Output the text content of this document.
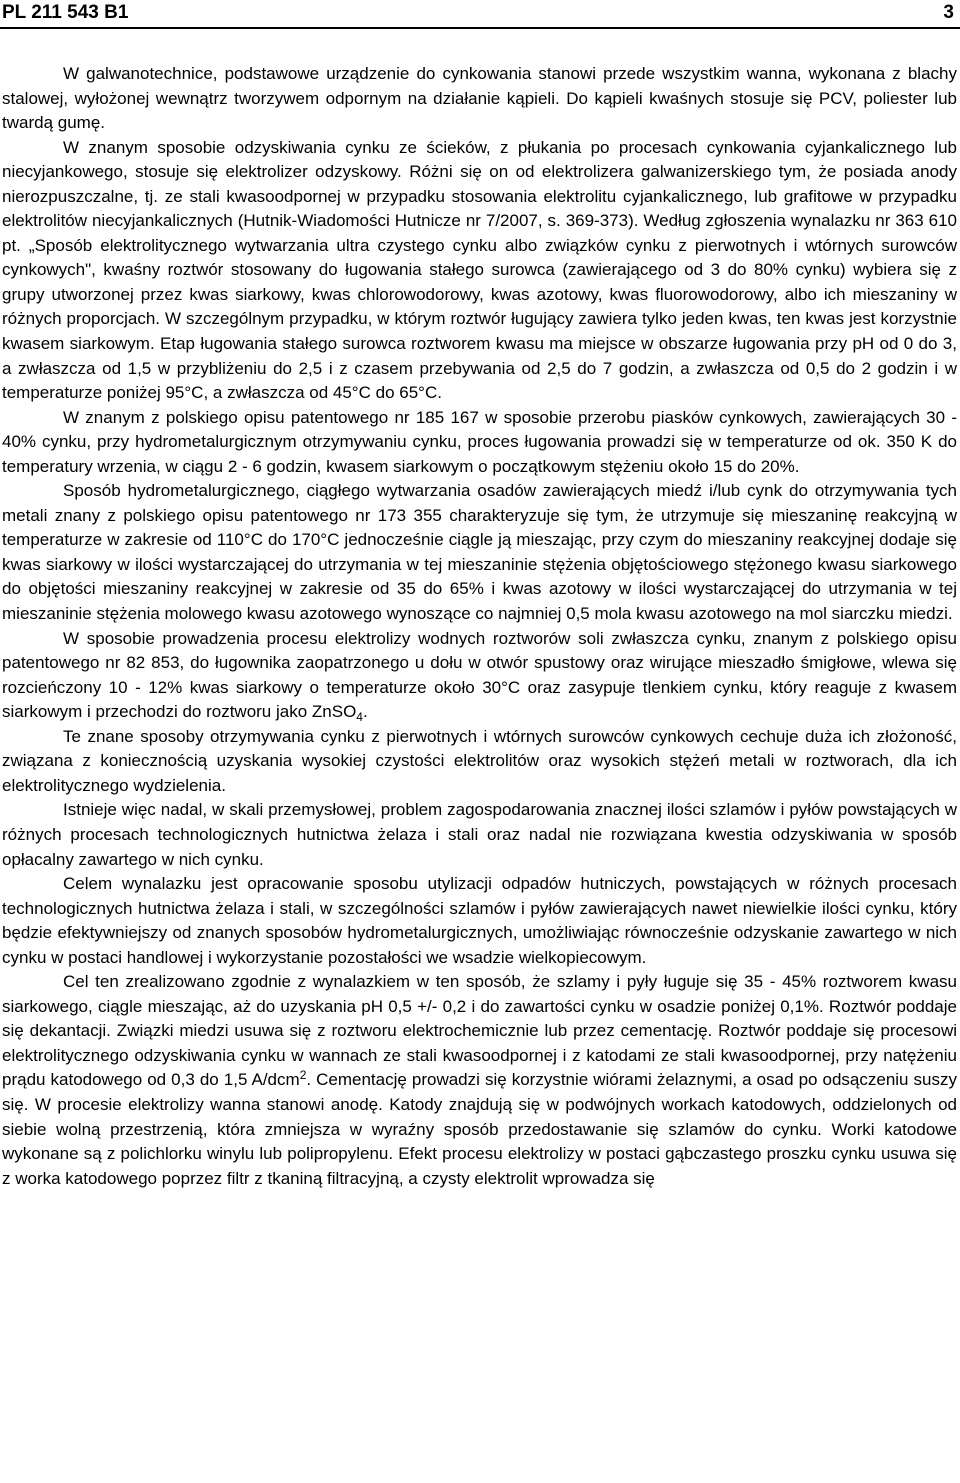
PL 211 543 B1	3

W galwanotechnice, podstawowe urządzenie do cynkowania stanowi przede wszystkim wanna, wykonana z blachy stalowej, wyłożonej wewnątrz tworzywem odpornym na działanie kąpieli. Do kąpieli kwaśnych stosuje się PCV, poliester lub twardą gumę.

W znanym sposobie odzyskiwania cynku ze ścieków, z płukania po procesach cynkowania cyjankalicznego lub niecyjankowego, stosuje się elektrolizer odzyskowy. Różni się on od elektrolizera galwanizerskiego tym, że posiada anody nierozpuszczalne, tj. ze stali kwasoodpornej w przypadku stosowania elektrolitu cyjankalicznego, lub grafitowe w przypadku elektrolitów niecyjankalicznych (Hutnik-Wiadomości Hutnicze nr 7/2007, s. 369-373). Według zgłoszenia wynalazku nr 363 610 pt. „Sposób elektrolitycznego wytwarzania ultra czystego cynku albo związków cynku z pierwotnych i wtórnych surowców cynkowych", kwaśny roztwór stosowany do ługowania stałego surowca (zawierającego od 3 do 80% cynku) wybiera się z grupy utworzonej przez kwas siarkowy, kwas chlorowodorowy, kwas azotowy, kwas fluorowodorowy, albo ich mieszaniny w różnych proporcjach. W szczególnym przypadku, w którym roztwór ługujący zawiera tylko jeden kwas, ten kwas jest korzystnie kwasem siarkowym. Etap ługowania stałego surowca roztworem kwasu ma miejsce w obszarze ługowania przy pH od 0 do 3, a zwłaszcza od 1,5 w przybliżeniu do 2,5 i z czasem przebywania od 2,5 do 7 godzin, a zwłaszcza od 0,5 do 2 godzin i w temperaturze poniżej 95°C, a zwłaszcza od 45°C do 65°C.

W znanym z polskiego opisu patentowego nr 185 167 w sposobie przerobu piasków cynkowych, zawierających 30 - 40% cynku, przy hydrometalurgicznym otrzymywaniu cynku, proces ługowania prowadzi się w temperaturze od ok. 350 K do temperatury wrzenia, w ciągu 2 - 6 godzin, kwasem siarkowym o początkowym stężeniu około 15 do 20%.

Sposób hydrometalurgicznego, ciągłego wytwarzania osadów zawierających miedź i/lub cynk do otrzymywania tych metali znany z polskiego opisu patentowego nr 173 355 charakteryzuje się tym, że utrzymuje się mieszaninę reakcyjną w temperaturze w zakresie od 110°C do 170°C jednocześnie ciągle ją mieszając, przy czym do mieszaniny reakcyjnej dodaje się kwas siarkowy w ilości wystarczającej do utrzymania w tej mieszaninie stężenia objętościowego stężonego kwasu siarkowego do objętości mieszaniny reakcyjnej w zakresie od 35 do 65% i kwas azotowy w ilości wystarczającej do utrzymania w tej mieszaninie stężenia molowego kwasu azotowego wynoszące co najmniej 0,5 mola kwasu azotowego na mol siarczku miedzi.

W sposobie prowadzenia procesu elektrolizy wodnych roztworów soli zwłaszcza cynku, znanym z polskiego opisu patentowego nr 82 853, do ługownika zaopatrzonego u dołu w otwór spustowy oraz wirujące mieszadło śmigłowe, wlewa się rozcieńczony 10 - 12% kwas siarkowy o temperaturze około 30°C oraz zasypuje tlenkiem cynku, który reaguje z kwasem siarkowym i przechodzi do roztworu jako ZnSO$_4$.

Te znane sposoby otrzymywania cynku z pierwotnych i wtórnych surowców cynkowych cechuje duża ich złożoność, związana z koniecznością uzyskania wysokiej czystości elektrolitów oraz wysokich stężeń metali w roztworach, dla ich elektrolitycznego wydzielenia.

Istnieje więc nadal, w skali przemysłowej, problem zagospodarowania znacznej ilości szlamów i pyłów powstających w różnych procesach technologicznych hutnictwa żelaza i stali oraz nadal nie rozwiązana kwestia odzyskiwania w sposób opłacalny zawartego w nich cynku.

Celem wynalazku jest opracowanie sposobu utylizacji odpadów hutniczych, powstających w różnych procesach technologicznych hutnictwa żelaza i stali, w szczególności szlamów i pyłów zawierających nawet niewielkie ilości cynku, który będzie efektywniejszy od znanych sposobów hydrometalurgicznych, umożliwiając równocześnie odzyskanie zawartego w nich cynku w postaci handlowej i wykorzystanie pozostałości we wsadzie wielkopiecowym.

Cel ten zrealizowano zgodnie z wynalazkiem w ten sposób, że szlamy i pyły ługuje się 35 - 45% roztworem kwasu siarkowego, ciągle mieszając, aż do uzyskania pH 0,5 +/- 0,2 i do zawartości cynku w osadzie poniżej 0,1%. Roztwór poddaje się dekantacji. Związki miedzi usuwa się z roztworu elektrochemicznie lub przez cementację. Roztwór poddaje się procesowi elektrolitycznego odzyskiwania cynku w wannach ze stali kwasoodpornej i z katodami ze stali kwasoodpornej, przy natężeniu prądu katodowego od 0,3 do 1,5 A/dcm$^2$. Cementację prowadzi się korzystnie wiórami żelaznymi, a osad po odsączeniu suszy się. W procesie elektrolizy wanna stanowi anodę. Katody znajdują się w podwójnych workach katodowych, oddzielonych od siebie wolną przestrzenią, która zmniejsza w wyraźny sposób przedostawanie się szlamów do cynku. Worki katodowe wykonane są z polichlorku winylu lub polipropylenu. Efekt procesu elektrolizy w postaci gąbczastego proszku cynku usuwa się z worka katodowego poprzez filtr z tkaniną filtracyjną, a czysty elektrolit wprowadza się
